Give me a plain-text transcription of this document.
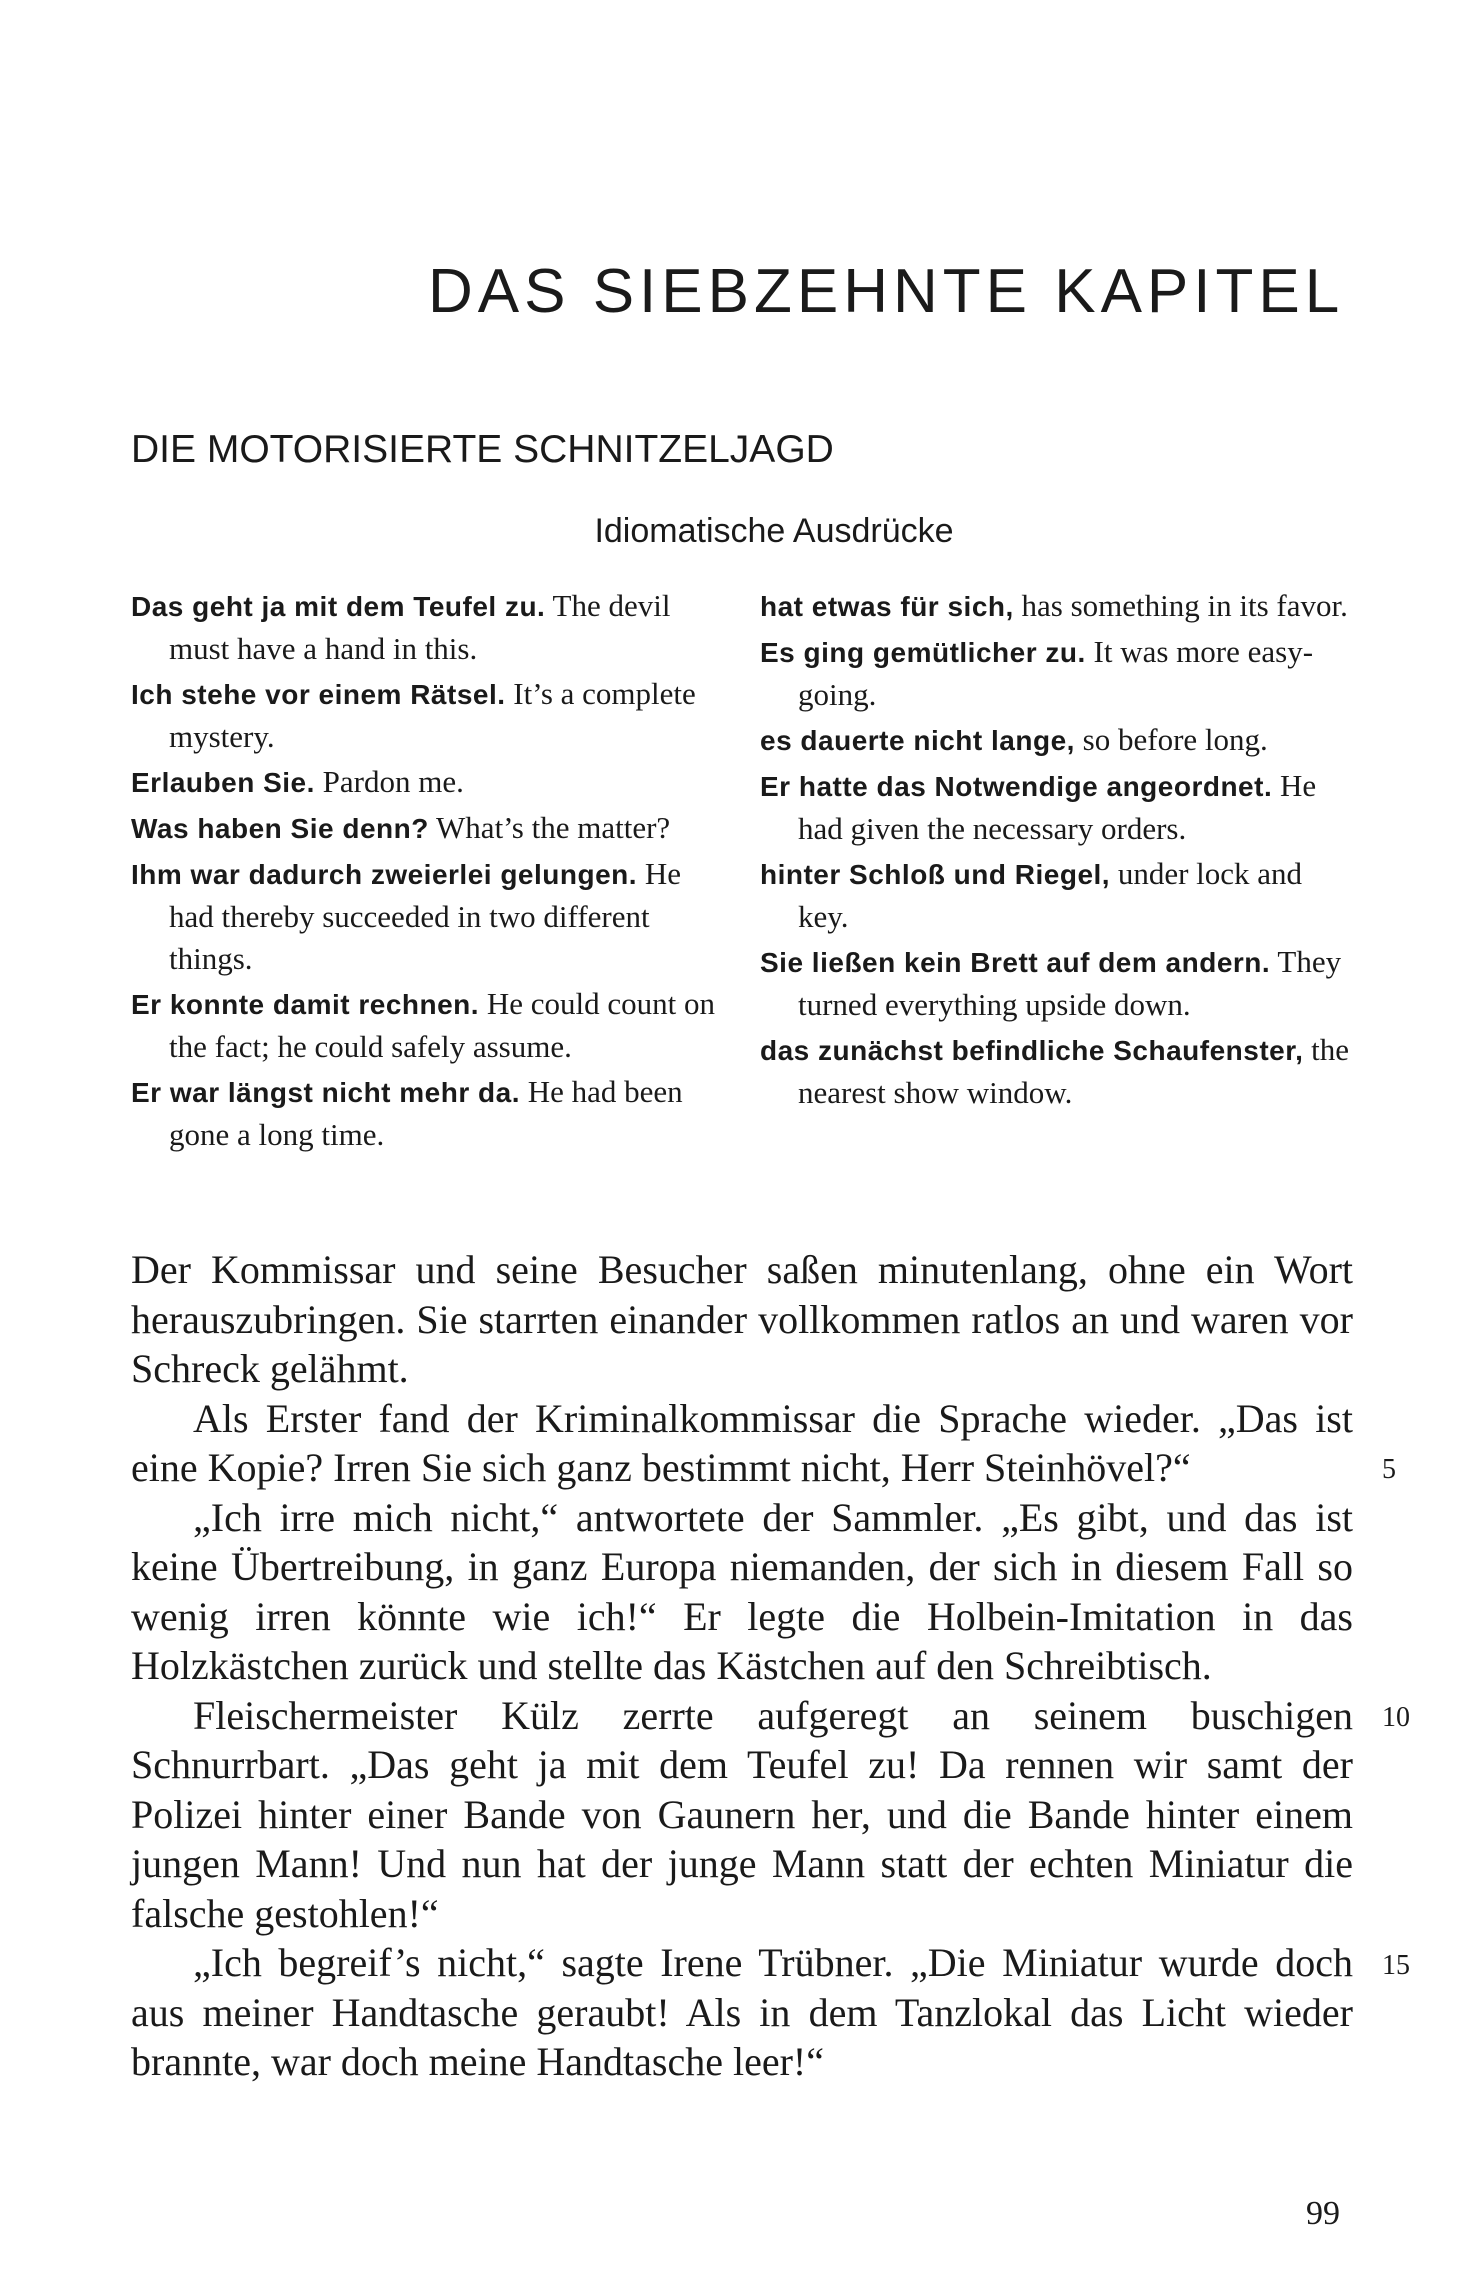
DAS SIEBZEHNTE KAPITEL
DIE MOTORISIERTE SCHNITZELJAGD
Idiomatische Ausdrücke

Das geht ja mit dem Teufel zu. The devil must have a hand in this.

Ich stehe vor einem Rätsel. It’s a complete mystery.

Erlauben Sie. Pardon me.

Was haben Sie denn? What’s the matter?

Ihm war dadurch zweierlei gelungen. He had thereby succeeded in two different things.

Er konnte damit rechnen. He could count on the fact; he could safely assume.

Er war längst nicht mehr da. He had been gone a long time.

hat etwas für sich, has something in its favor.

Es ging gemütlicher zu. It was more easy-going.

es dauerte nicht lange, so before long.

Er hatte das Notwendige angeordnet. He had given the necessary orders.

hinter Schloß und Riegel, under lock and key.

Sie ließen kein Brett auf dem andern. They turned everything upside down.

das zunächst befindliche Schaufenster, the nearest show window.

Der Kommissar und seine Besucher saßen minutenlang, ohne ein Wort herauszubringen. Sie starrten einander vollkommen ratlos an und waren vor Schreck gelähmt.

Als Erster fand der Kriminalkommissar die Sprache wieder. „Das ist eine Kopie? Irren Sie sich ganz bestimmt nicht, Herr Steinhövel?“

„Ich irre mich nicht,“ antwortete der Sammler. „Es gibt, und das ist keine Übertreibung, in ganz Europa niemanden, der sich in diesem Fall so wenig irren könnte wie ich!“ Er legte die Holbein-Imitation in das Holzkästchen zurück und stellte das Kästchen auf den Schreibtisch.

Fleischermeister Külz zerrte aufgeregt an seinem buschigen Schnurrbart. „Das geht ja mit dem Teufel zu! Da rennen wir samt der Polizei hinter einer Bande von Gaunern her, und die Bande hinter einem jungen Mann! Und nun hat der junge Mann statt der echten Miniatur die falsche gestohlen!“

„Ich begreif’s nicht,“ sagte Irene Trübner. „Die Miniatur wurde doch aus meiner Handtasche geraubt! Als in dem Tanzlokal das Licht wieder brannte, war doch meine Handtasche leer!“

5
10
15
99
